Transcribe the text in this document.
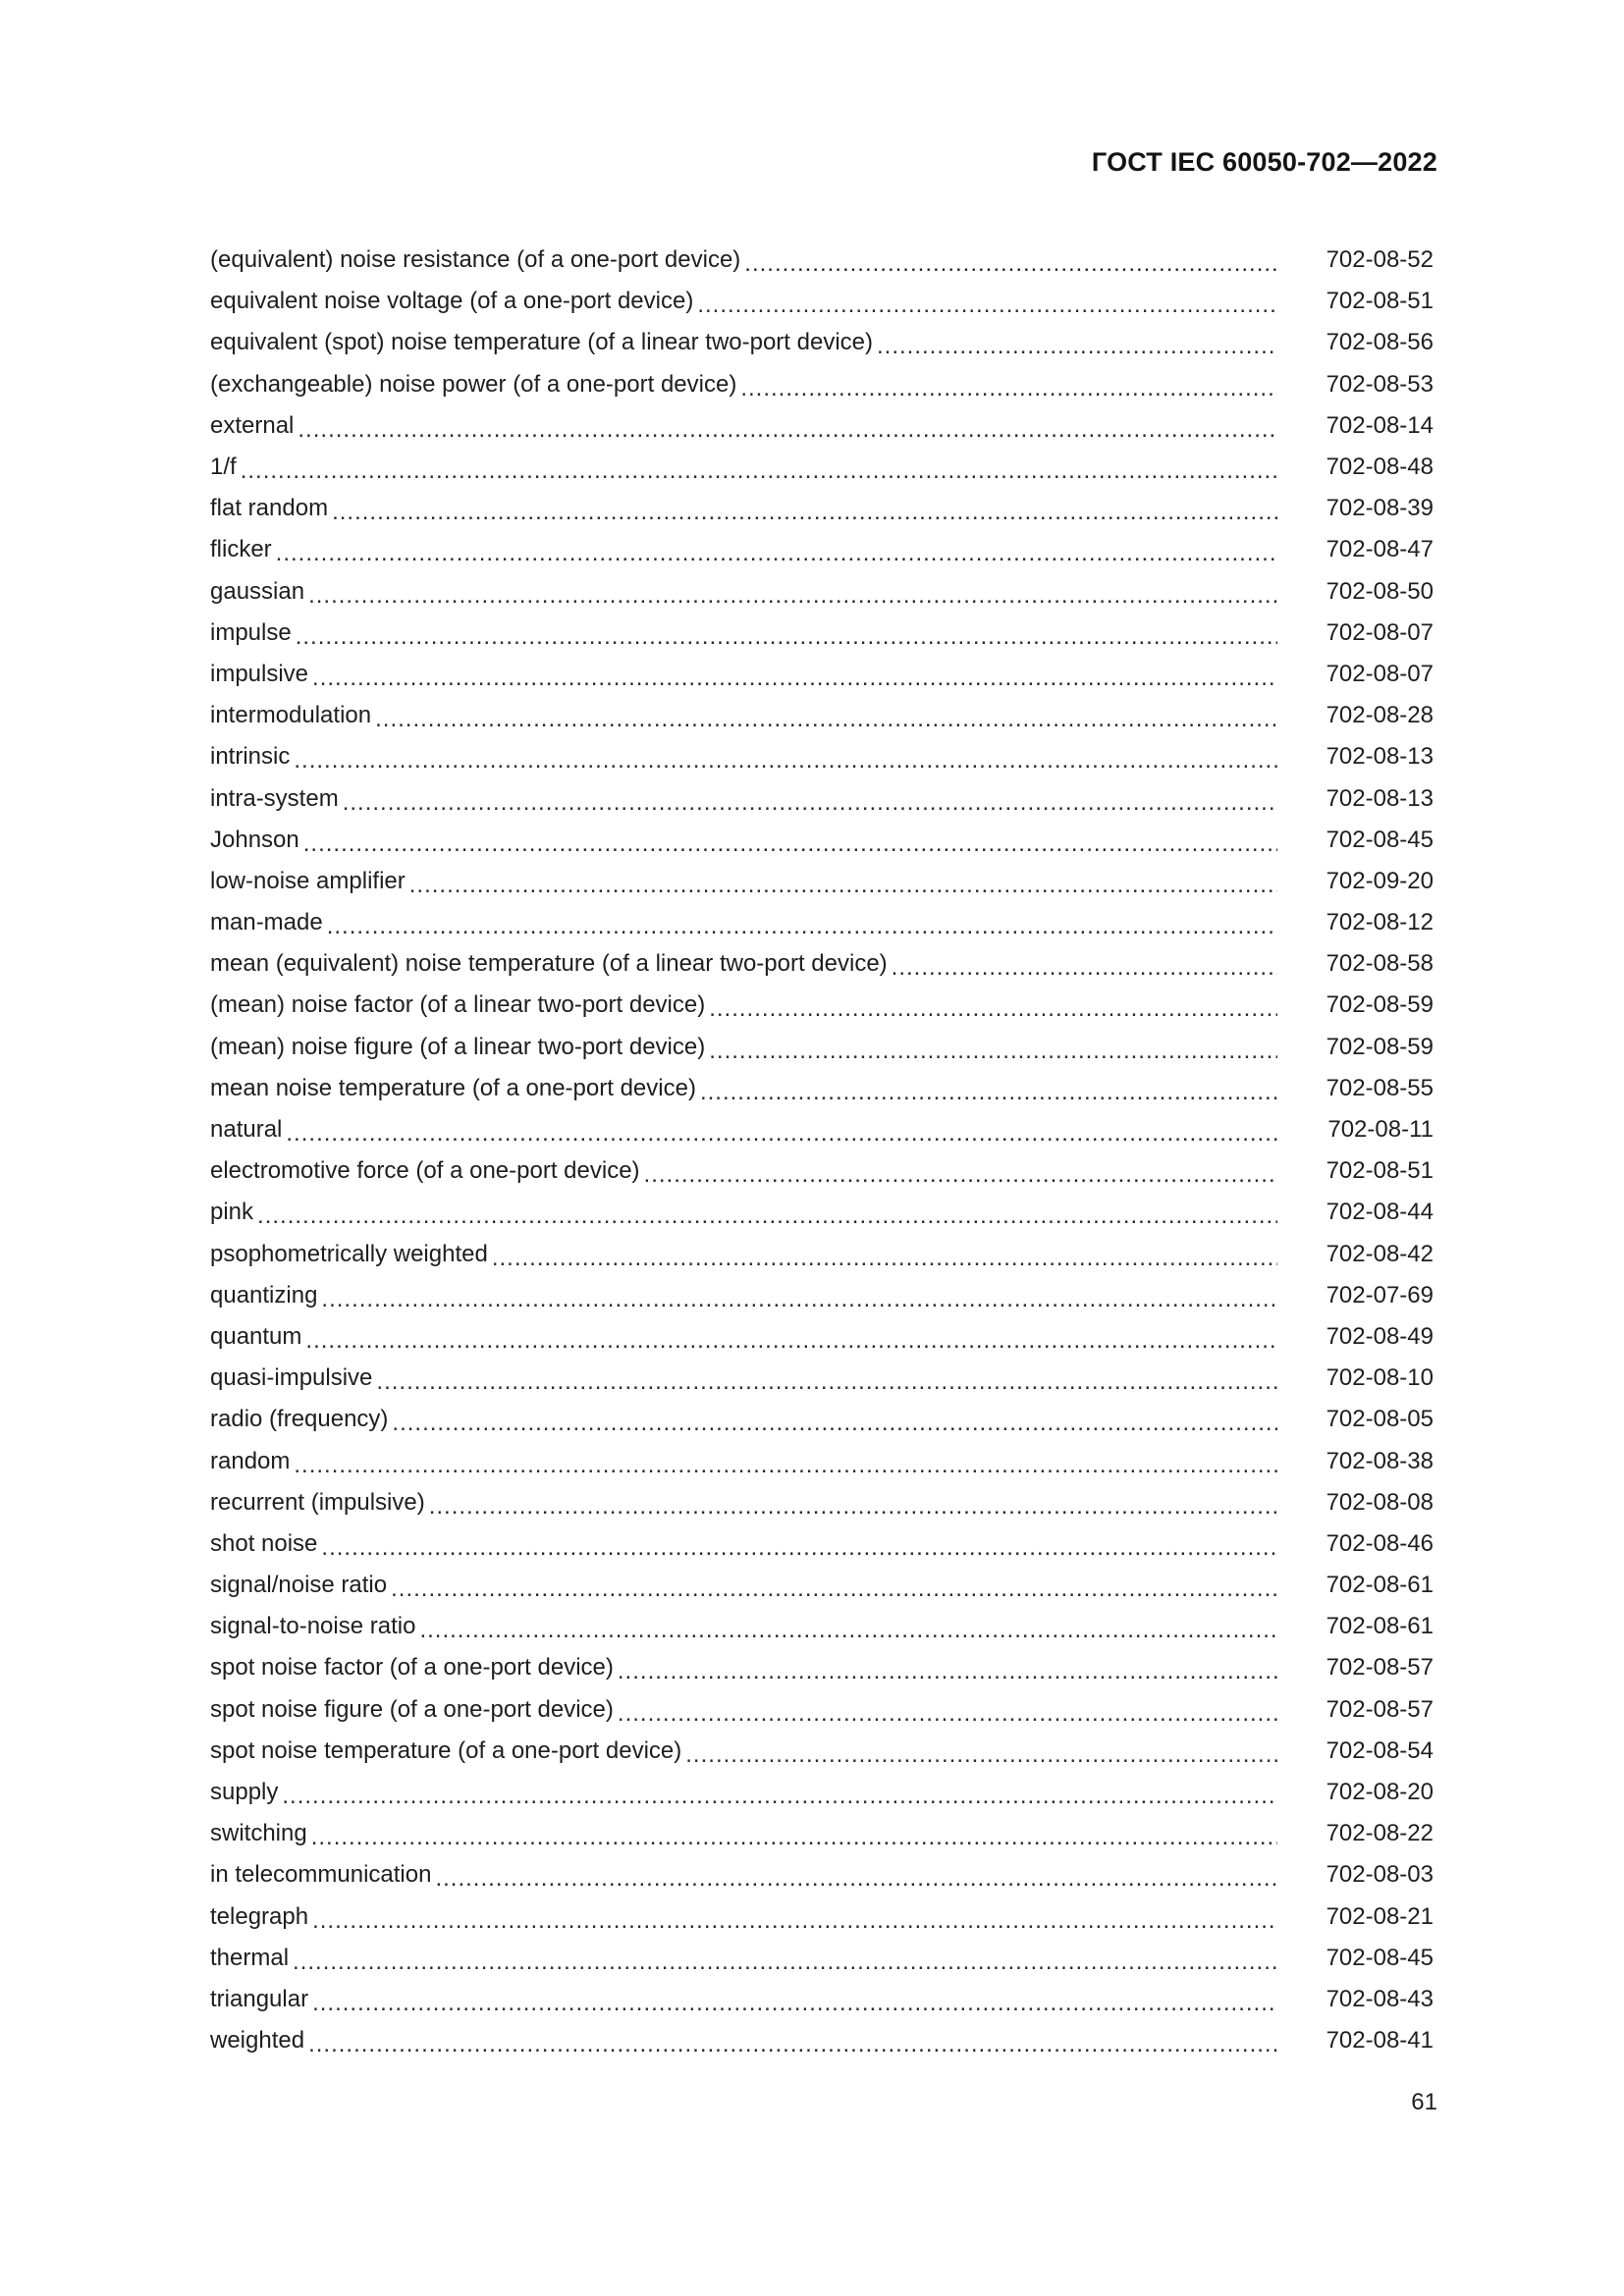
ГОСТ IEC 60050-702—2022
(equivalent) noise resistance (of a one-port device) .....	702-08-52
equivalent noise voltage (of a one-port device) .....	702-08-51
equivalent (spot) noise temperature (of a linear two-port device) .....	702-08-56
(exchangeable) noise power (of a one-port device) .....	702-08-53
external .....	702-08-14
1/f .....	702-08-48
flat random .....	702-08-39
flicker .....	702-08-47
gaussian .....	702-08-50
impulse .....	702-08-07
impulsive .....	702-08-07
intermodulation .....	702-08-28
intrinsic .....	702-08-13
intra-system .....	702-08-13
Johnson .....	702-08-45
low-noise amplifier .....	702-09-20
man-made .....	702-08-12
mean (equivalent) noise temperature (of a linear two-port device) .....	702-08-58
(mean) noise factor (of a linear two-port device) .....	702-08-59
(mean) noise figure (of a linear two-port device) .....	702-08-59
mean noise temperature (of a one-port device) .....	702-08-55
natural .....	702-08-11
electromotive force (of a one-port device) .....	702-08-51
pink .....	702-08-44
psophometrically weighted .....	702-08-42
quantizing .....	702-07-69
quantum .....	702-08-49
quasi-impulsive .....	702-08-10
radio (frequency) .....	702-08-05
random .....	702-08-38
recurrent (impulsive) .....	702-08-08
shot noise .....	702-08-46
signal/noise ratio .....	702-08-61
signal-to-noise ratio .....	702-08-61
spot noise factor (of a one-port device) .....	702-08-57
spot noise figure (of a one-port device) .....	702-08-57
spot noise temperature (of a one-port device) .....	702-08-54
supply .....	702-08-20
switching .....	702-08-22
in telecommunication .....	702-08-03
telegraph .....	702-08-21
thermal .....	702-08-45
triangular .....	702-08-43
weighted .....	702-08-41
61
